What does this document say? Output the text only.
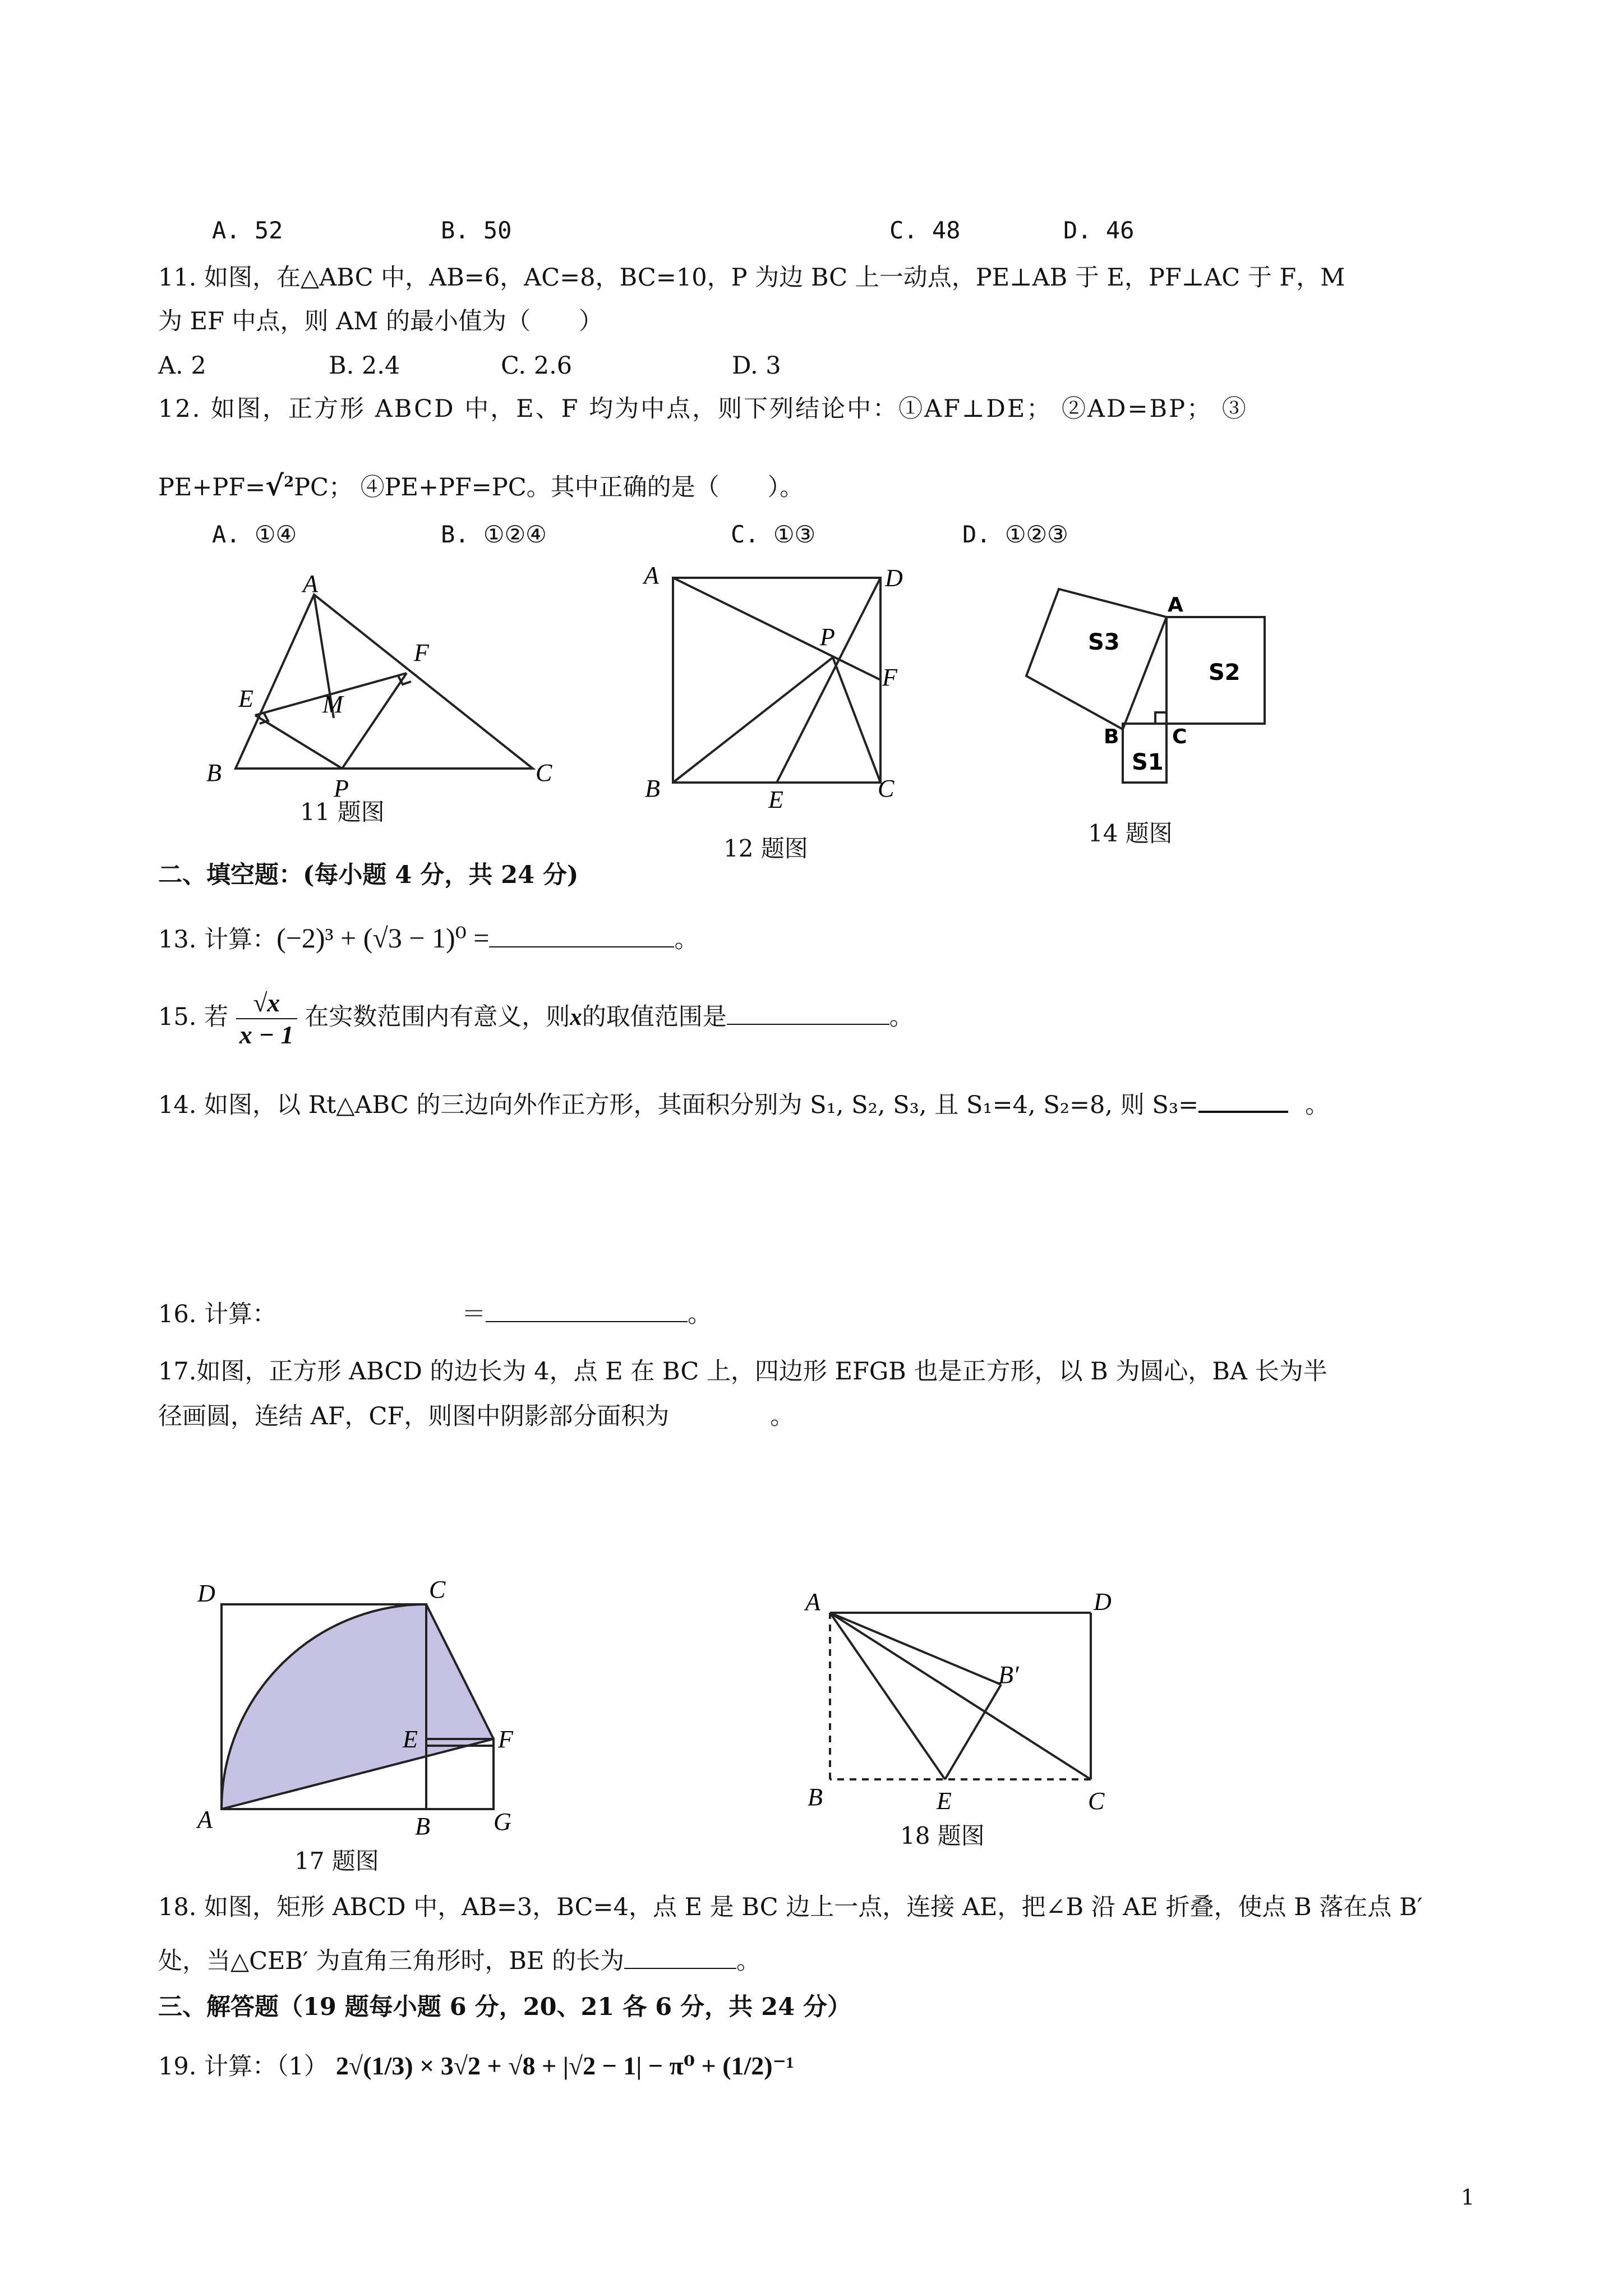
A. 52	B. 50	C. 48	D. 46
11. 如图，在△ABC 中，AB=6，AC=8，BC=10，P 为边 BC 上一动点，PE⊥AB 于 E，PF⊥AC 于 F，M
为 EF 中点，则 AM 的最小值为（　　）
A. 2	B. 2.4	C. 2.6	D. 3
12. 如图，正方形 ABCD 中，E、F 均为中点，则下列结论中：①AF⊥DE； ②AD=BP； ③
PE+PF=√$^2$PC； ④PE+PF=PC。其中正确的是（　　）。
A. ①④	B. ①②④	C. ①③	D. ①②③
A
B	C
E
F
M
P
11 题图
A
B	C
D
E
F
P
12 题图
S3
S2
S1
A
B	C
14 题图
二、填空题：(每小题 4 分，共 24 分)
13. 计算：(−2)³ + (√3 − 1)⁰ =	。
15. 若 $\frac{√x}{x - 1}$ 在实数范围内有意义，则x的取值范围是	。
14. 如图，以 Rt△ABC 的三边向外作正方形，其面积分别为 S₁, S₂, S₃, 且 S₁=4, S₂=8, 则 S₃=	。
16. 计算：	＝	。
17.如图，正方形 ABCD 的边长为 4，点 E 在 BC 上，四边形 EFGB 也是正方形，以 B 为圆心，BA 长为半
径画圆，连结 AF，CF，则图中阴影部分面积为	。
D	C
E	F
A	B	G
17 题图
A	D
B′
B	E	C
18 题图
18. 如图，矩形 ABCD 中，AB=3，BC=4，点 E 是 BC 边上一点，连接 AE，把∠B 沿 AE 折叠，使点 B 落在点 B′
处，当△CEB′ 为直角三角形时，BE 的长为	。
三、解答题（19 题每小题 6 分，20、21 各 6 分，共 24 分）
19. 计算：（1） 2√(1/3) × 3√2 + √8 + |√2 − 1| − π⁰ + (1/2)⁻¹
1
